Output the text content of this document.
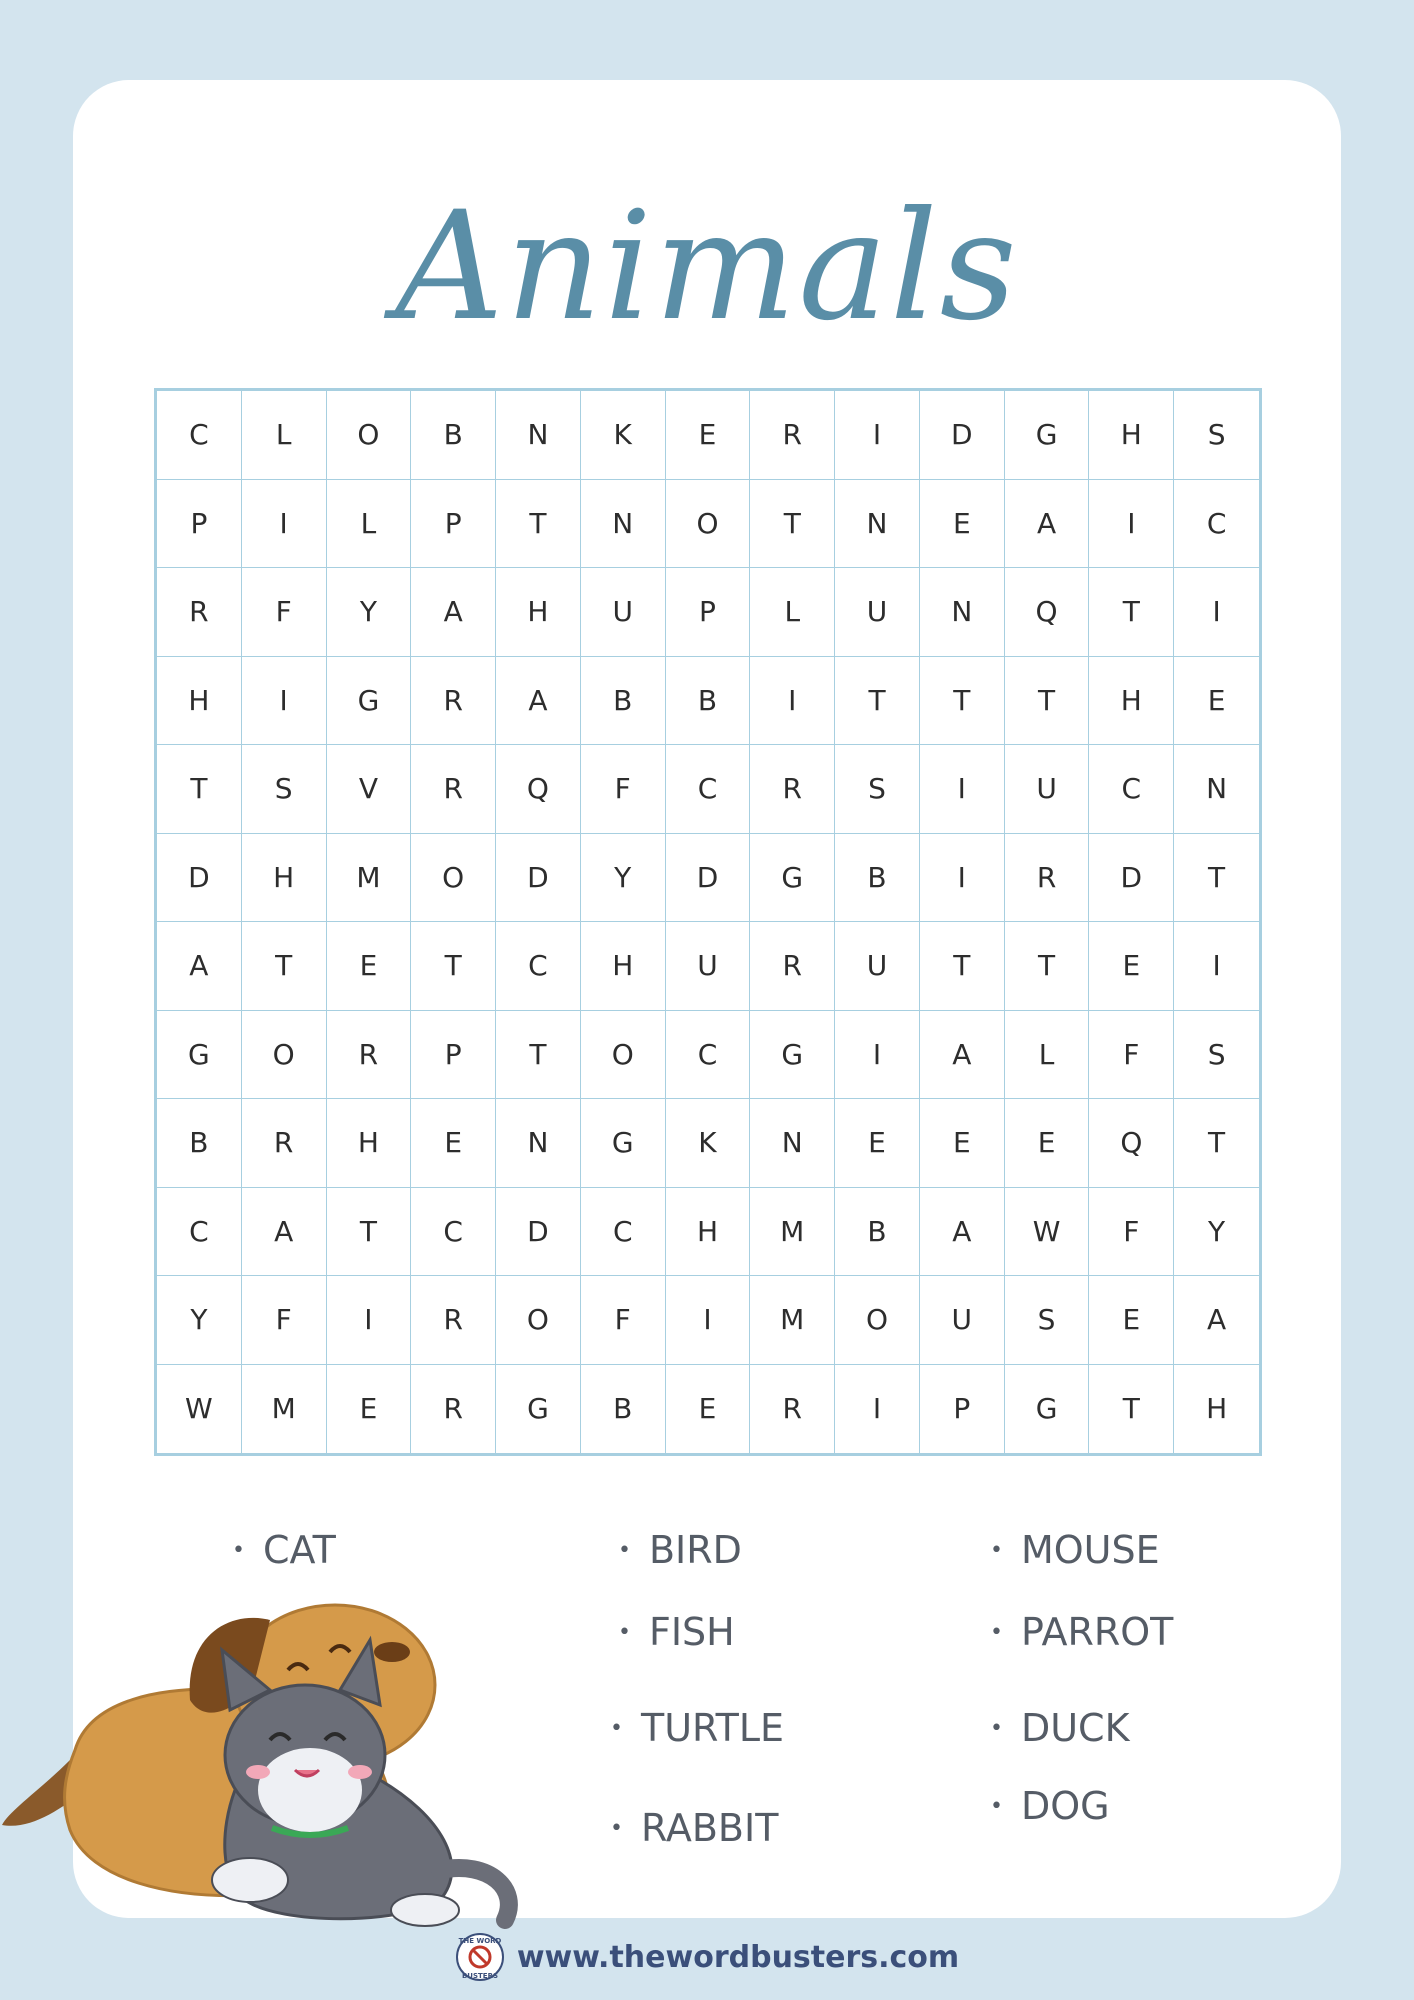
Animals
C	L	O	B	N	K	E	R	I	D	G	H	S
P	I	L	P	T	N	O	T	N	E	A	I	C
R	F	Y	A	H	U	P	L	U	N	Q	T	I
H	I	G	R	A	B	B	I	T	T	T	H	E
T	S	V	R	Q	F	C	R	S	I	U	C	N
D	H	M	O	D	Y	D	G	B	I	R	D	T
A	T	E	T	C	H	U	R	U	T	T	E	I
G	O	R	P	T	O	C	G	I	A	L	F	S
B	R	H	E	N	G	K	N	E	E	E	Q	T
C	A	T	C	D	C	H	M	B	A	W	F	Y
Y	F	I	R	O	F	I	M	O	U	S	E	A
W	M	E	R	G	B	E	R	I	P	G	T	H
• CAT	• BIRD	• MOUSE
• FISH	• PARROT
• TURTLE	• DUCK
• DOG
• RABBIT
THE WORD
BUSTERS
www.thewordbusters.com
